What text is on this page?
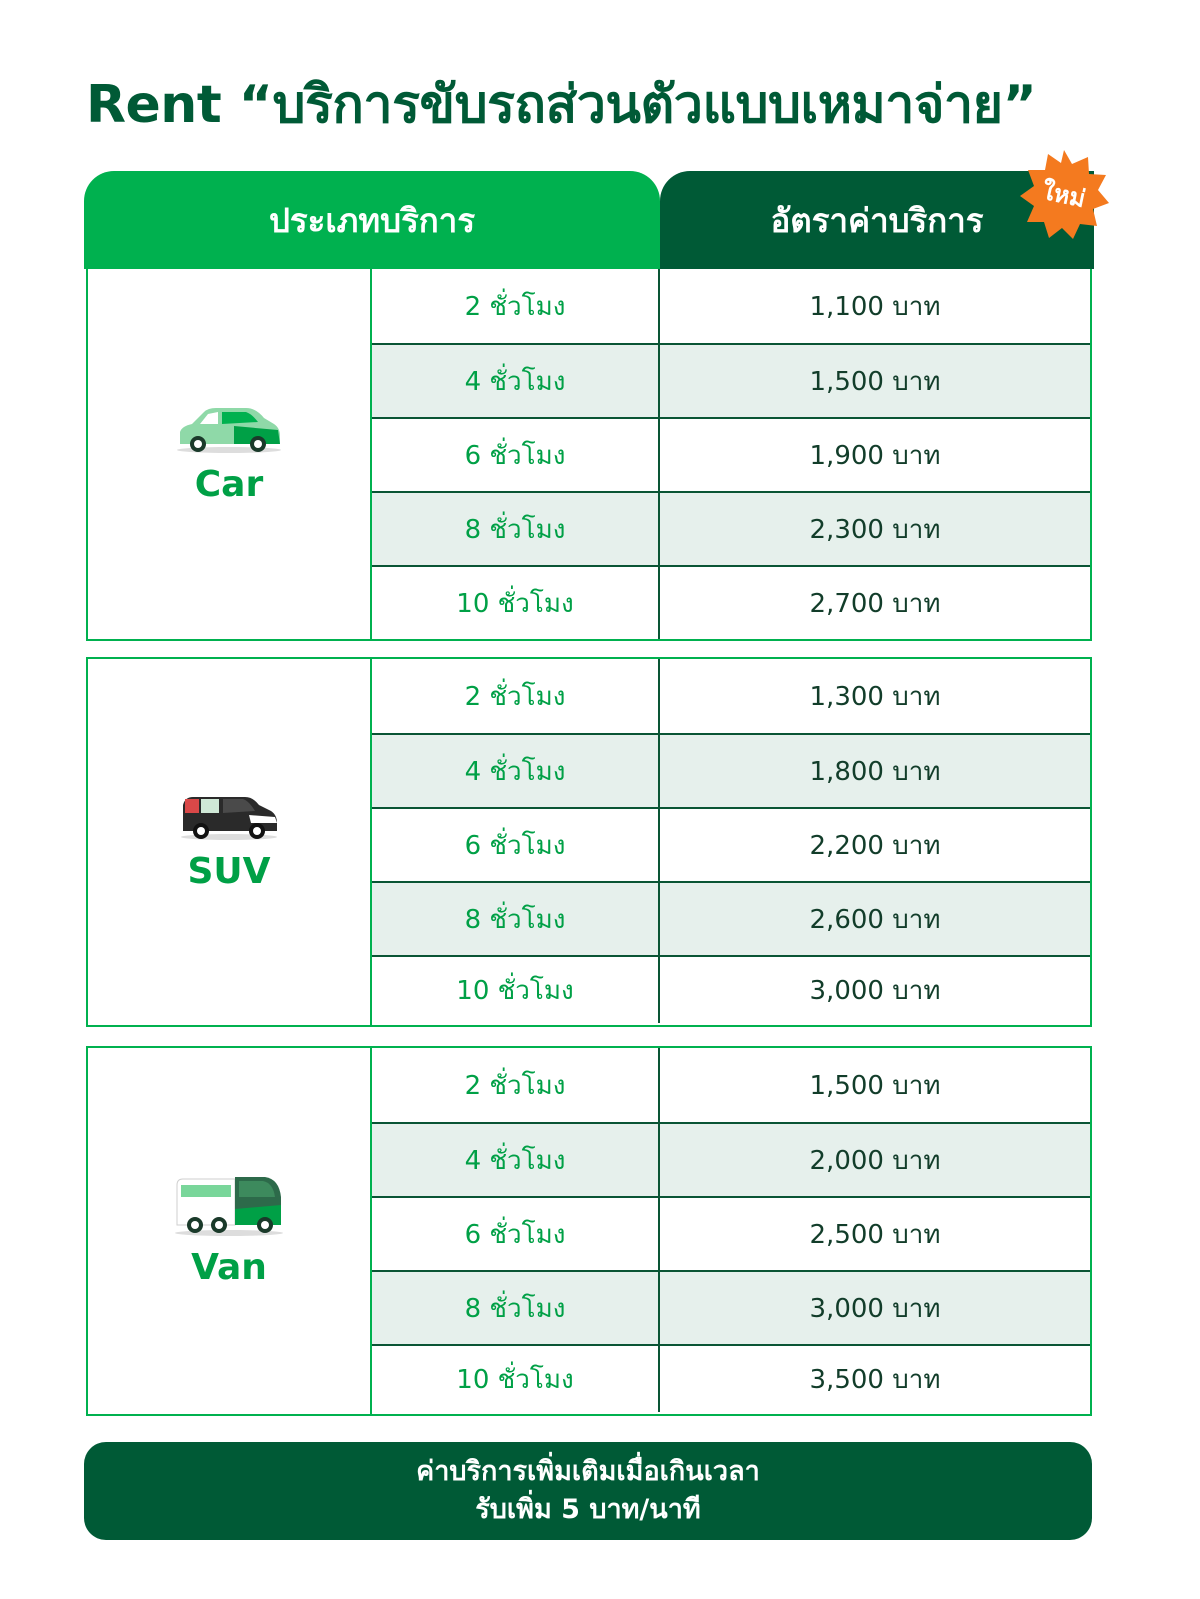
Rent “บริการขับรถส่วนตัวแบบเหมาจ่าย”
ประเภทบริการ	อัตราค่าบริการ
ใหม่
Car
2 ชั่วโมง	1,100 บาท
4 ชั่วโมง	1,500 บาท
6 ชั่วโมง	1,900 บาท
8 ชั่วโมง	2,300 บาท
10 ชั่วโมง	2,700 บาท
SUV
2 ชั่วโมง	1,300 บาท
4 ชั่วโมง	1,800 บาท
6 ชั่วโมง	2,200 บาท
8 ชั่วโมง	2,600 บาท
10 ชั่วโมง	3,000 บาท
Van
2 ชั่วโมง	1,500 บาท
4 ชั่วโมง	2,000 บาท
6 ชั่วโมง	2,500 บาท
8 ชั่วโมง	3,000 บาท
10 ชั่วโมง	3,500 บาท
ค่าบริการเพิ่มเติมเมื่อเกินเวลา
รับเพิ่ม 5 บาท/นาที
